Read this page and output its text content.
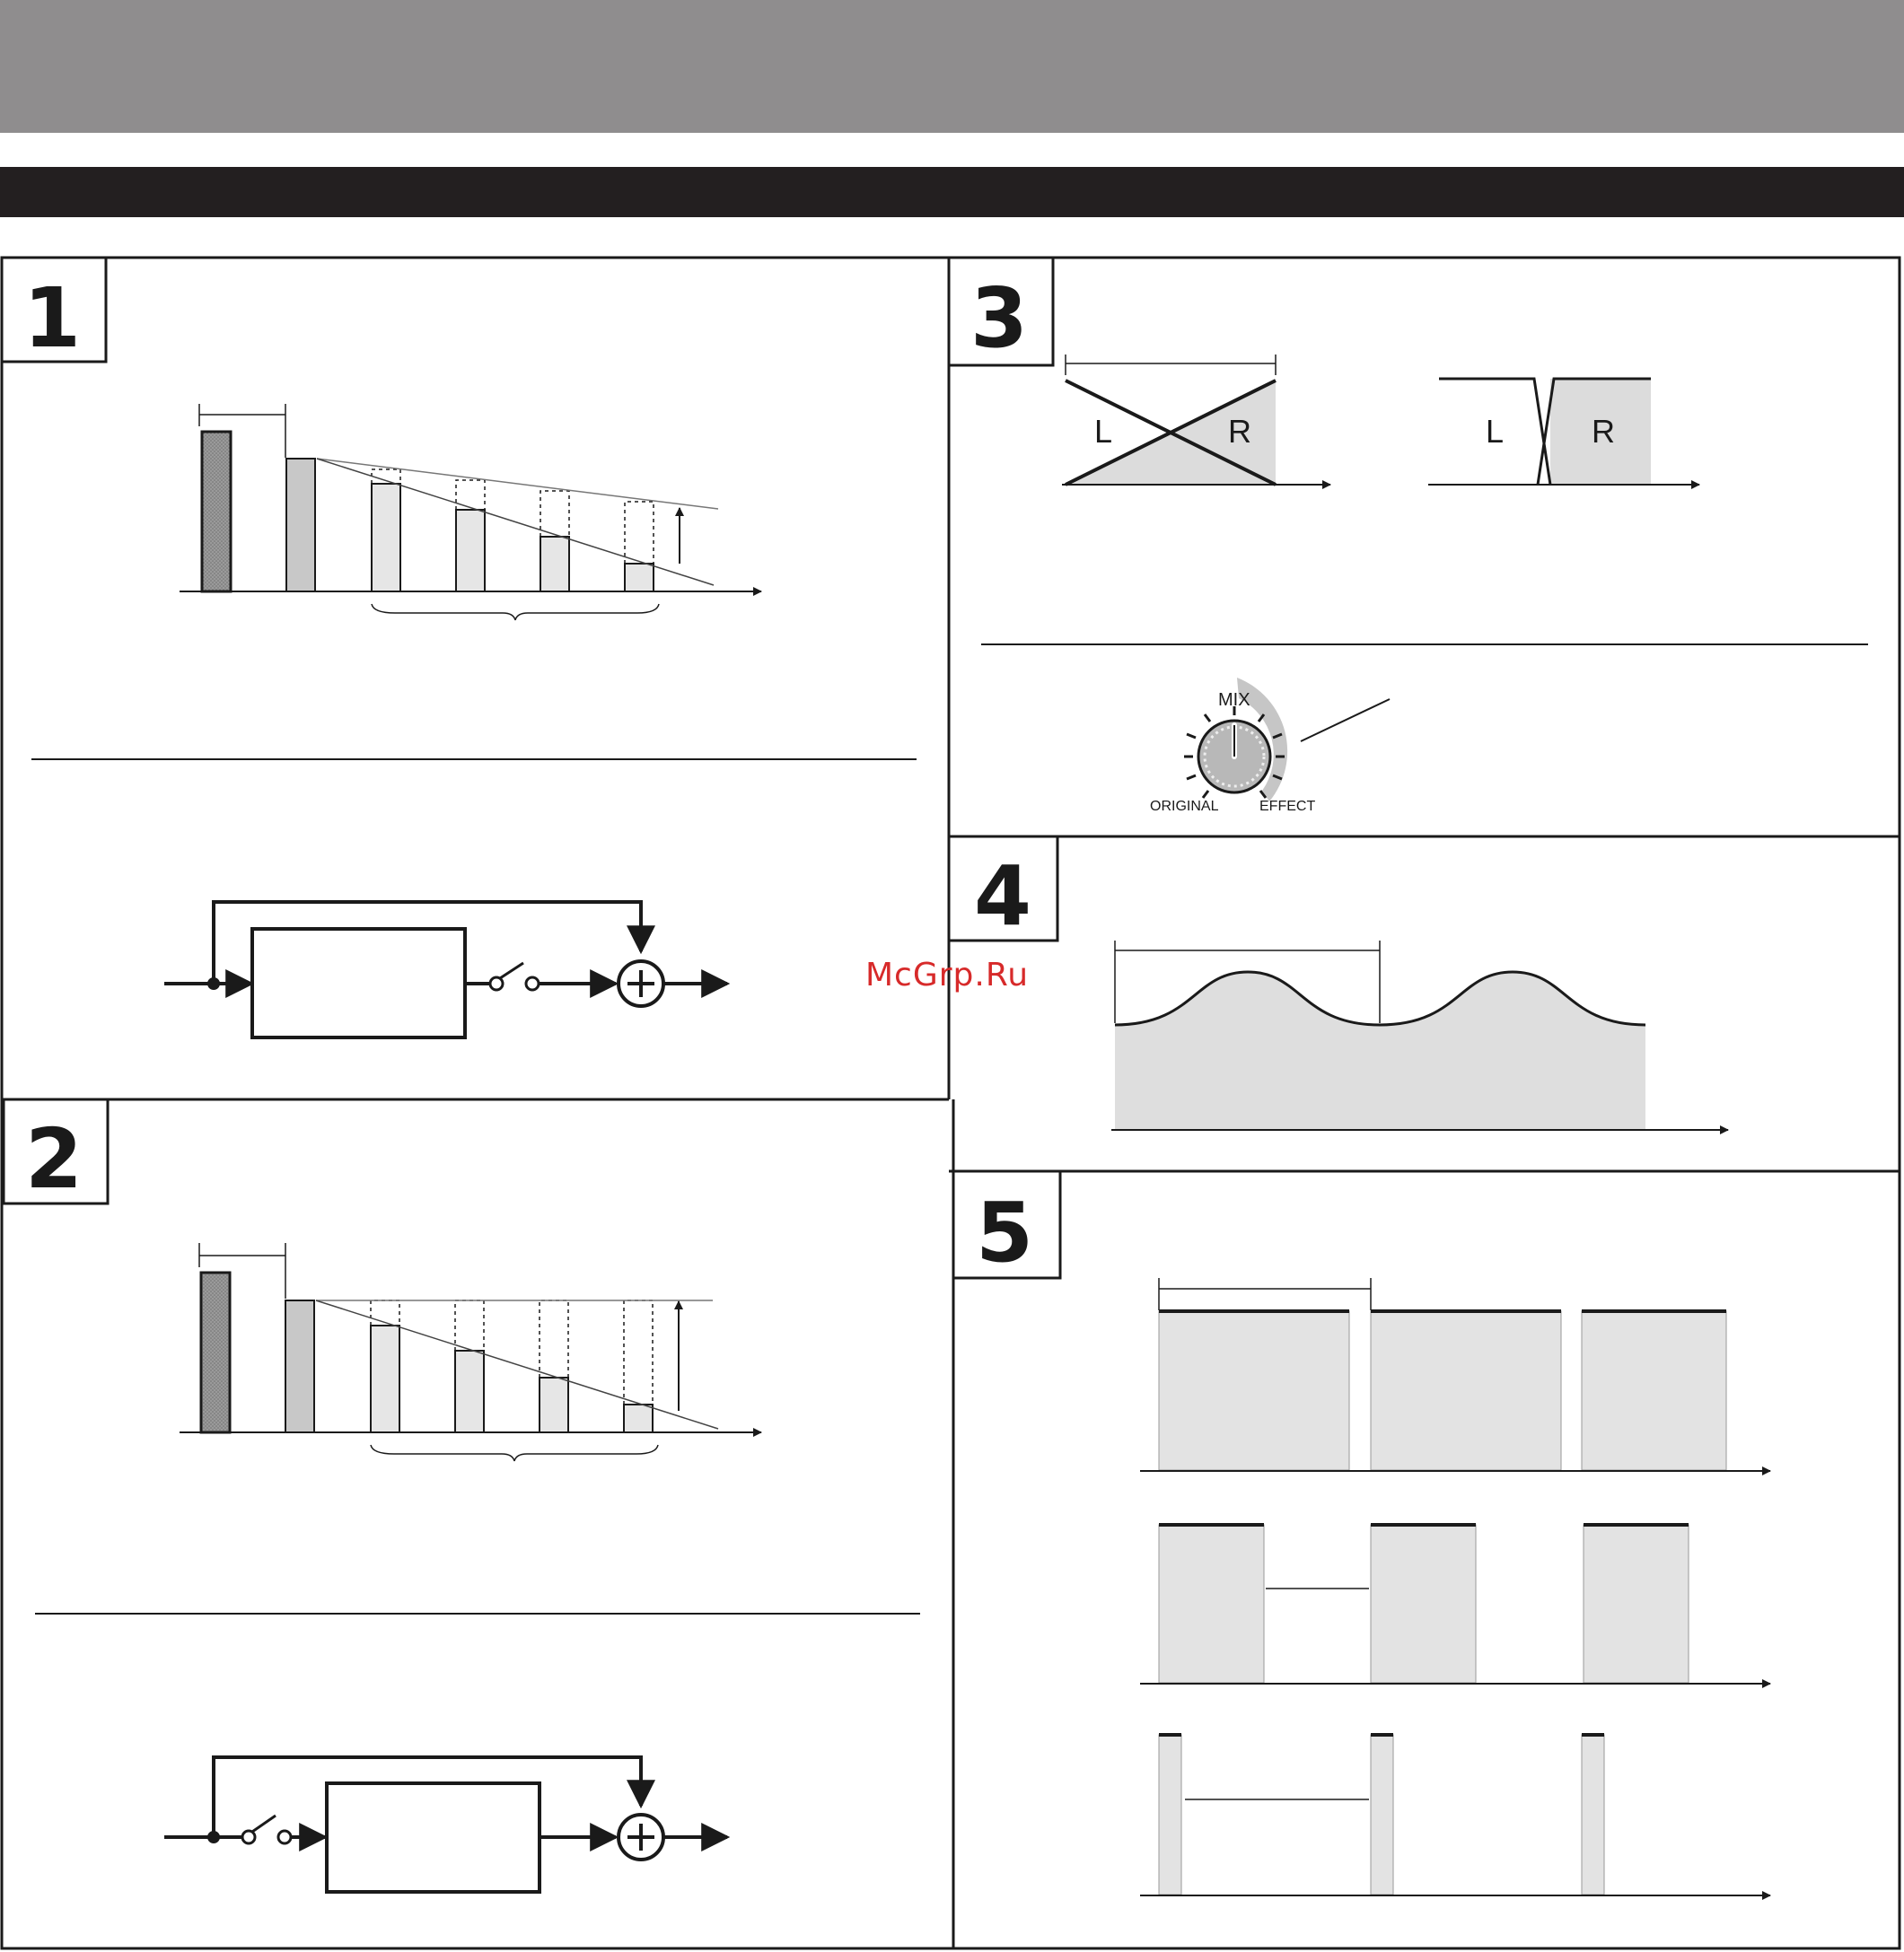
1
2
3
L	R	L	R
MIX
ORIGINAL	EFFECT
4
5
McGrp.Ru
